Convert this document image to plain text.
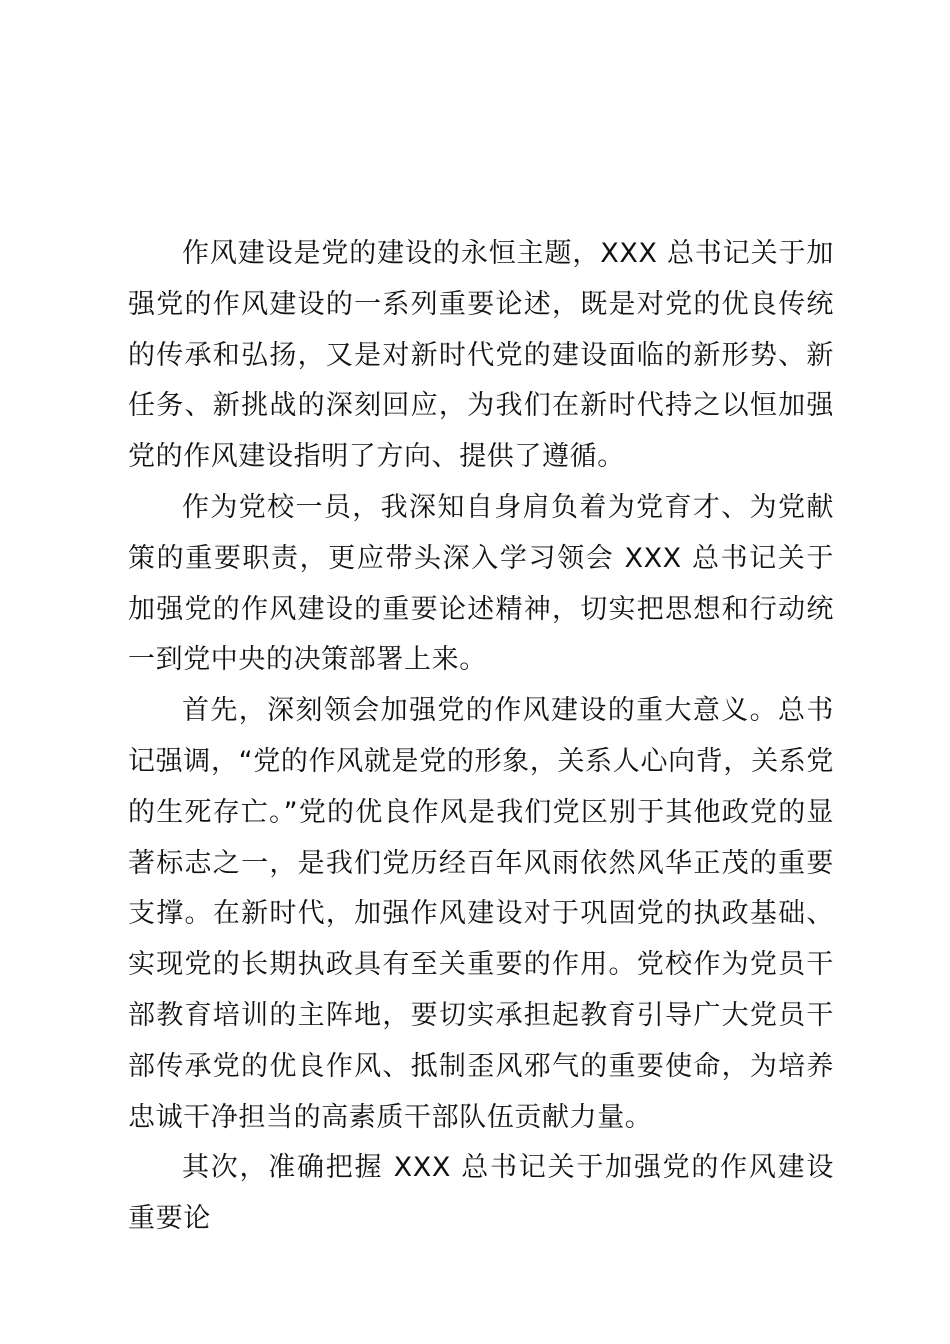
作风建设是党的建设的永恒主题，XXX 总书记关于加强党的作风建设的一系列重要论述，既是对党的优良传统的传承和弘扬，又是对新时代党的建设面临的新形势、新任务、新挑战的深刻回应，为我们在新时代持之以恒加强党的作风建设指明了方向、提供了遵循。

作为党校一员，我深知自身肩负着为党育才、为党献策的重要职责，更应带头深入学习领会 XXX 总书记关于加强党的作风建设的重要论述精神，切实把思想和行动统一到党中央的决策部署上来。

首先，深刻领会加强党的作风建设的重大意义。总书记强调，“党的作风就是党的形象，关系人心向背，关系党的生死存亡。”党的优良作风是我们党区别于其他政党的显著标志之一，是我们党历经百年风雨依然风华正茂的重要支撑。在新时代，加强作风建设对于巩固党的执政基础、实现党的长期执政具有至关重要的作用。党校作为党员干部教育培训的主阵地，要切实承担起教育引导广大党员干部传承党的优良作风、抵制歪风邪气的重要使命，为培养忠诚干净担当的高素质干部队伍贡献力量。

其次，准确把握 XXX 总书记关于加强党的作风建设重要论
